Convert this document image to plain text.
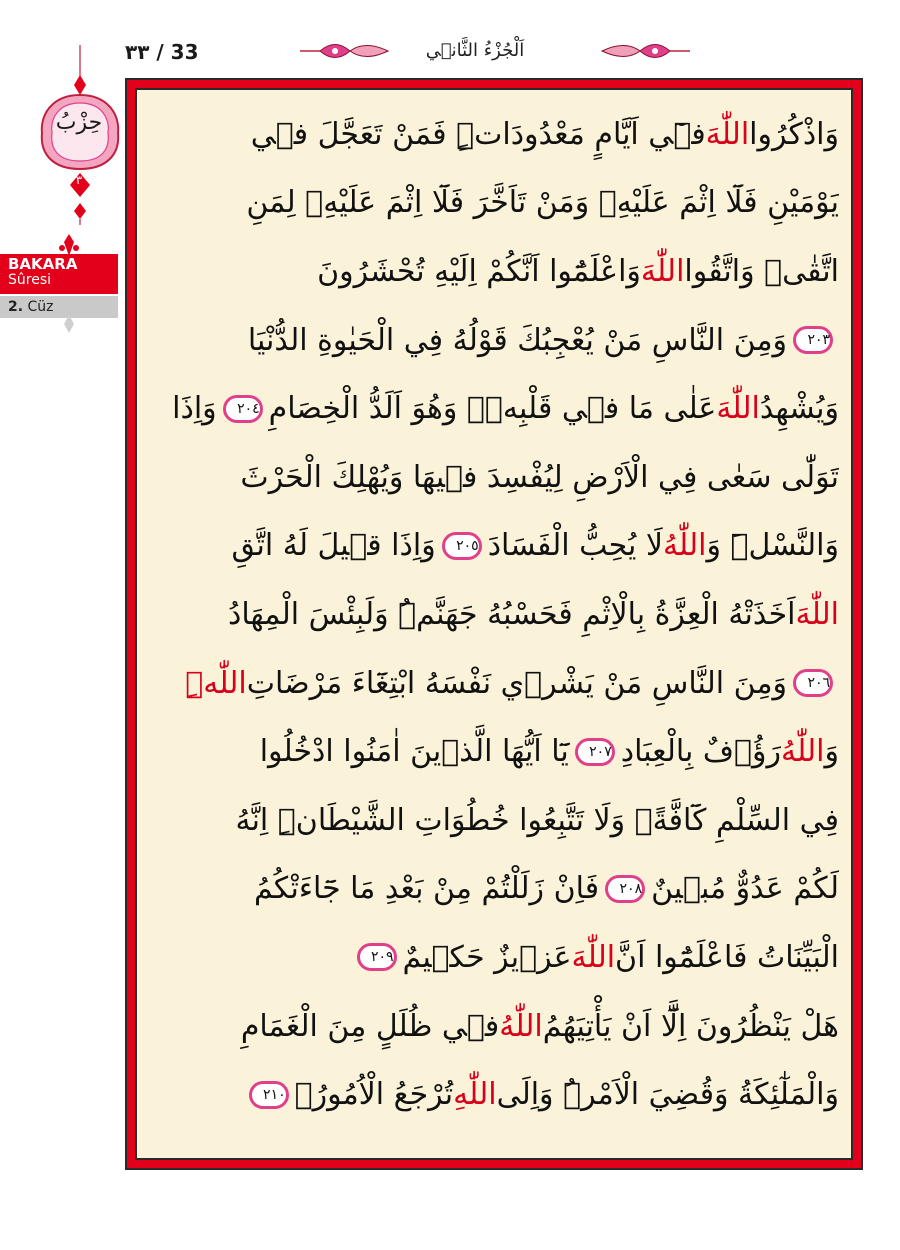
٣٣ / 33	اَلْجُزْءُ الثَّان۪ي
حِزْبُ
٣
BAKARA
Sûresi
2. Cüz
وَاذْكُرُوا
اللّٰهَ
ف۪ٓي اَيَّامٍ مَعْدُودَاتٍۜ فَمَنْ تَعَجَّلَ ف۪ي
يَوْمَيْنِ فَلَٓا اِثْمَ عَلَيْهِۚ وَمَنْ تَاَخَّرَ فَلَٓا اِثْمَ عَلَيْهِۙ لِمَنِ
اتَّقٰىۜ وَاتَّقُوا
اللّٰهَ
وَاعْلَمُٓوا اَنَّكُمْ اِلَيْهِ تُحْشَرُونَ
٢٠٣
وَمِنَ النَّاسِ مَنْ يُعْجِبُكَ قَوْلُهُ فِي الْحَيٰوةِ الدُّنْيَا
وَيُشْهِدُ
اللّٰهَ
عَلٰى مَا ف۪ي قَلْبِه۪ۙ وَهُوَ اَلَدُّ الْخِصَامِ
٢٠٤
وَاِذَا
تَوَلّٰى سَعٰى فِي الْاَرْضِ لِيُفْسِدَ ف۪يهَا وَيُهْلِكَ الْحَرْثَ
وَالنَّسْلَۜ وَ
اللّٰهُ
لَا يُحِبُّ الْفَسَادَ
٢٠٥
وَاِذَا ق۪يلَ لَهُ اتَّقِ
اللّٰهَ
اَخَذَتْهُ الْعِزَّةُ بِالْاِثْمِ فَحَسْبُهُ جَهَنَّمُۜ وَلَبِئْسَ الْمِهَادُ
٢٠٦
وَمِنَ النَّاسِ مَنْ يَشْر۪ي نَفْسَهُ ابْتِغَٓاءَ مَرْضَاتِ
اللّٰهِۜ
وَ
اللّٰهُ
رَؤُ۫فٌ بِالْعِبَادِ
٢٠٧
يَٓا اَيُّهَا الَّذ۪ينَ اٰمَنُوا ادْخُلُوا
فِي السِّلْمِ كَٓافَّةًۖ وَلَا تَتَّبِعُوا خُطُوَاتِ الشَّيْطَانِۜ اِنَّهُ
لَكُمْ عَدُوٌّ مُب۪ينٌ
٢٠٨
فَاِنْ زَلَلْتُمْ مِنْ بَعْدِ مَا جَٓاءَتْكُمُ
الْبَيِّنَاتُ فَاعْلَمُٓوا اَنَّ
اللّٰهَ
عَز۪يزٌ حَك۪يمٌ
٢٠٩
هَلْ يَنْظُرُونَ اِلَّٓا اَنْ يَأْتِيَهُمُ
اللّٰهُ
ف۪ي ظُلَلٍ مِنَ الْغَمَامِ
وَالْمَلٰٓئِكَةُ وَقُضِيَ الْاَمْرُۜ وَاِلَى
اللّٰهِ
تُرْجَعُ الْاُمُورُ۟
٢١٠
